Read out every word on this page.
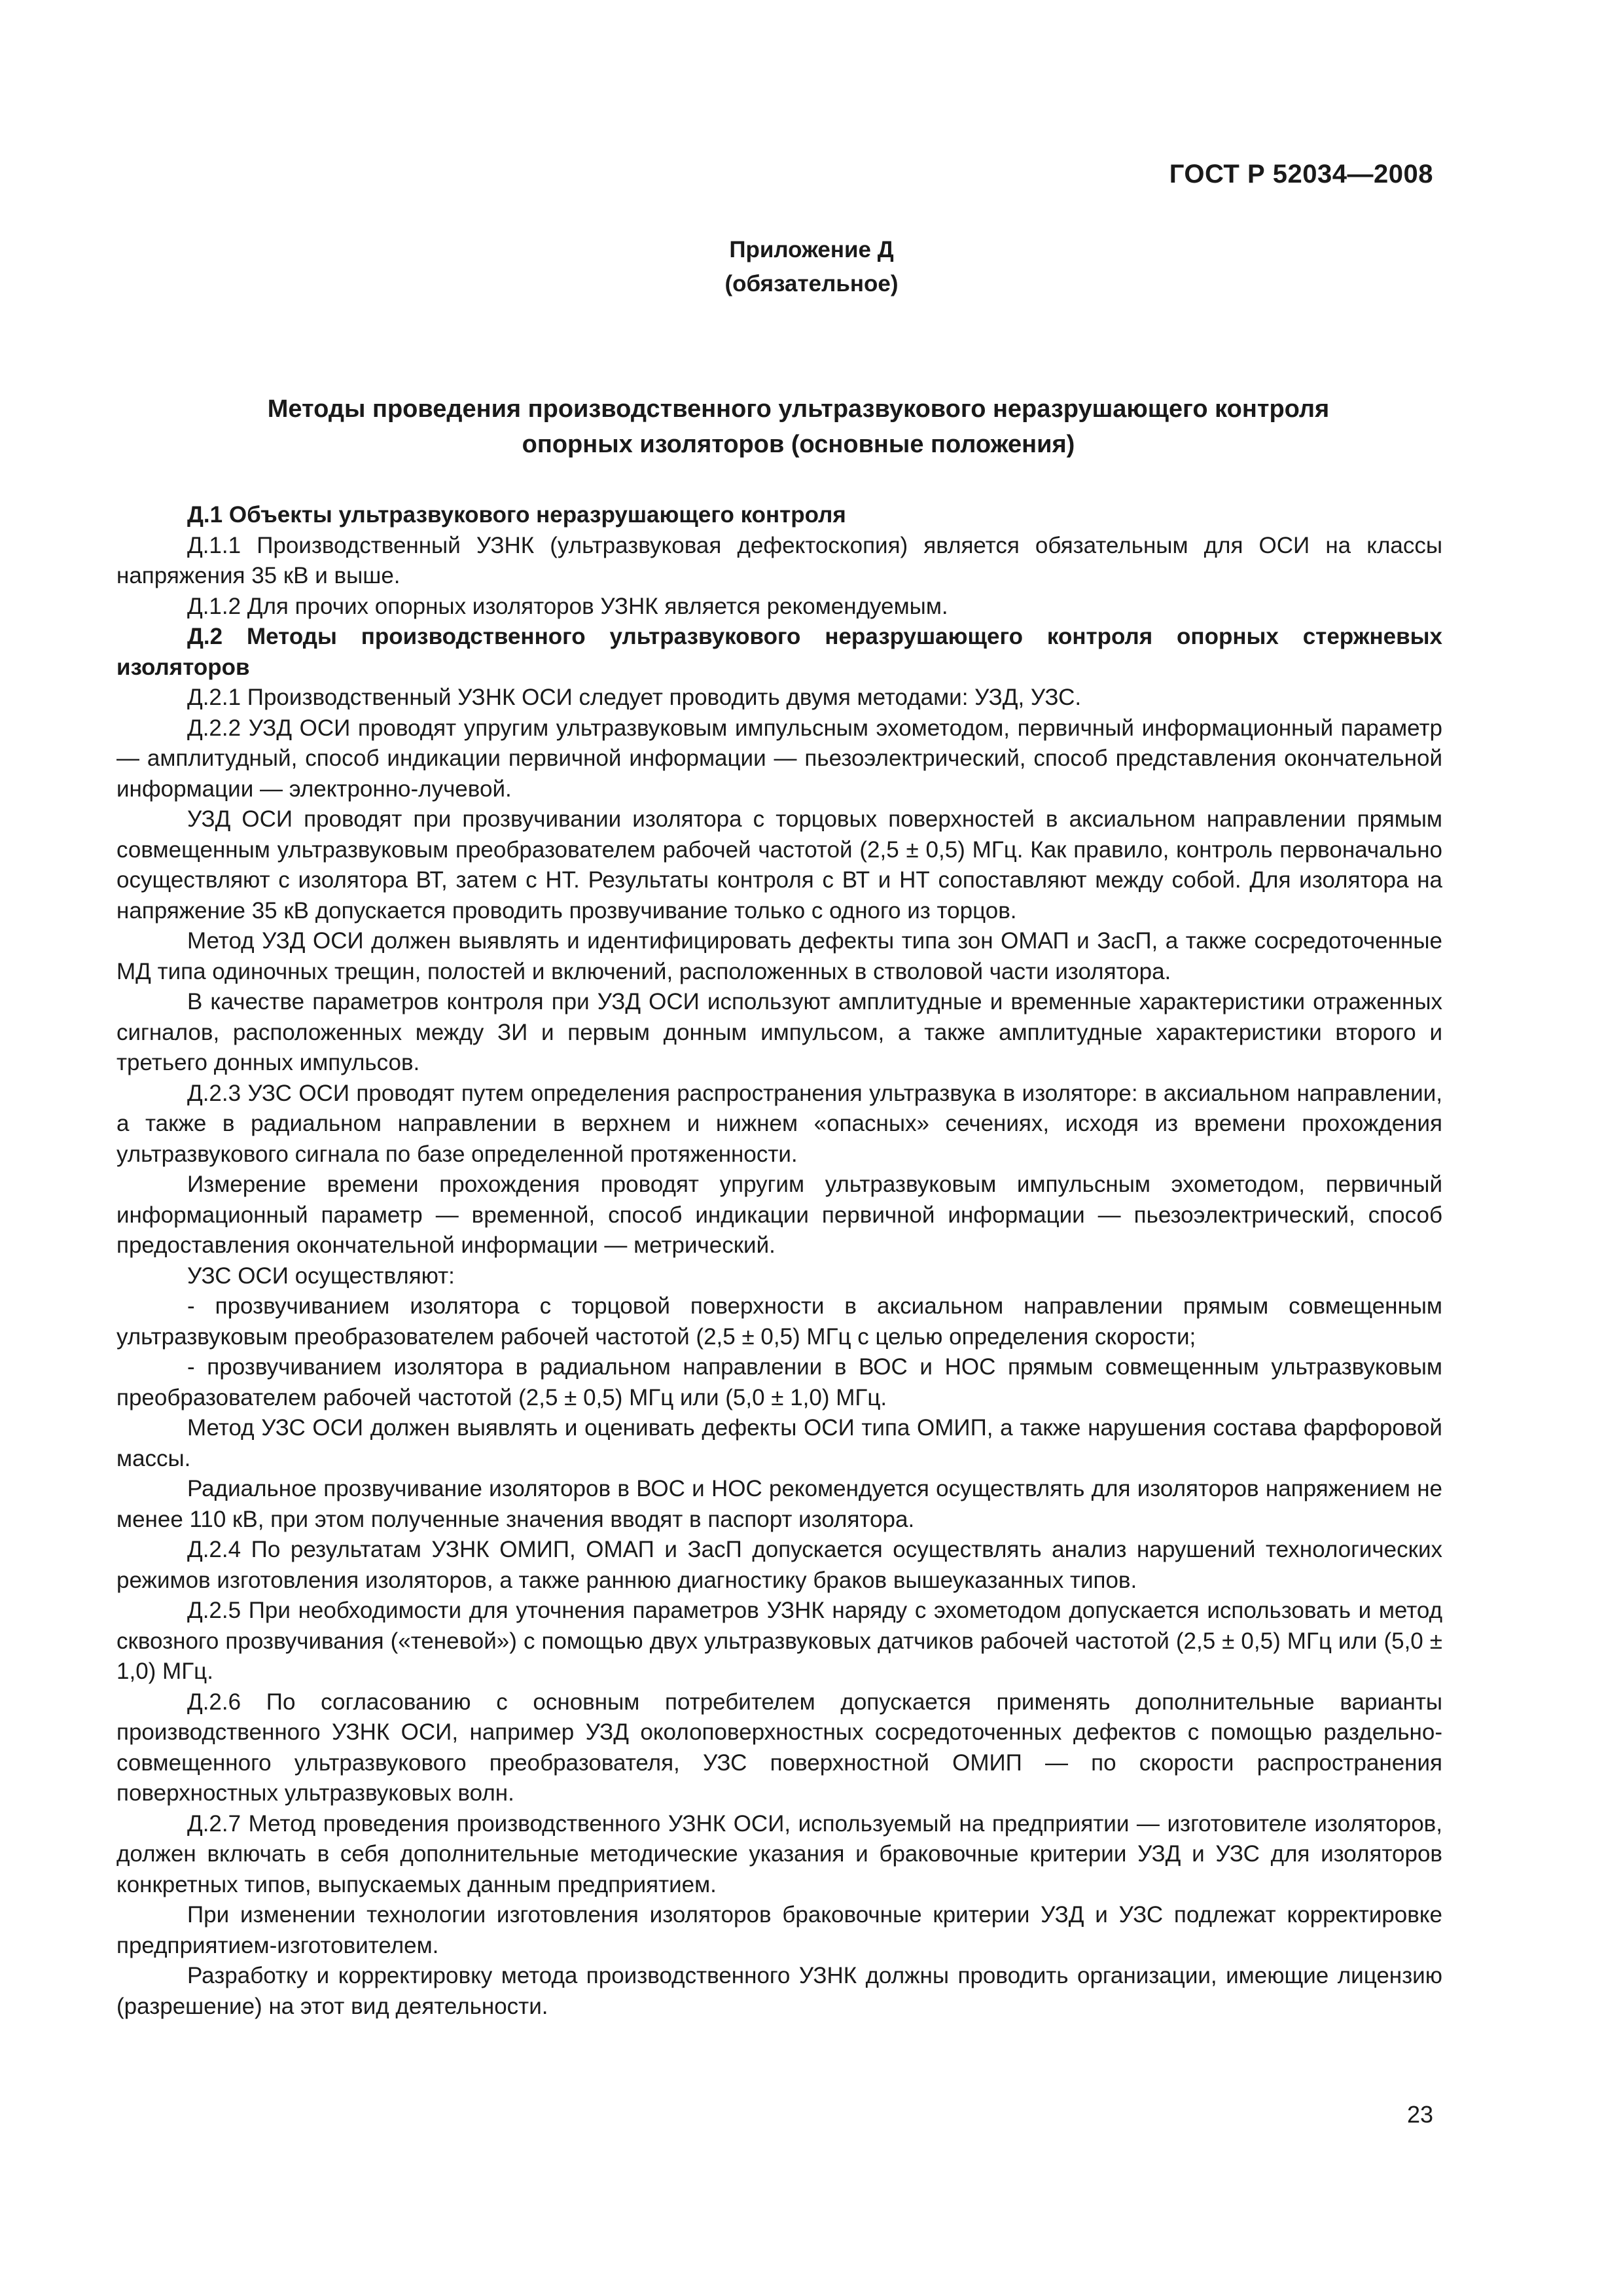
ГОСТ Р 52034—2008
Приложение Д
(обязательное)
Методы проведения производственного ультразвукового неразрушающего контроля
опорных изоляторов (основные положения)

Д.1 Объекты ультразвукового неразрушающего контроля

Д.1.1 Производственный УЗНК (ультразвуковая дефектоскопия) является обязательным для ОСИ на классы напряжения 35 кВ и выше.

Д.1.2 Для прочих опорных изоляторов УЗНК является рекомендуемым.

Д.2 Методы производственного ультразвукового неразрушающего контроля опорных стержневых изоляторов

Д.2.1 Производственный УЗНК ОСИ следует проводить двумя методами: УЗД, УЗС.

Д.2.2 УЗД ОСИ проводят упругим ультразвуковым импульсным эхометодом, первичный информационный параметр — амплитудный, способ индикации первичной информации — пьезоэлектрический, способ представления окончательной информации — электронно-лучевой.

УЗД ОСИ проводят при прозвучивании изолятора с торцовых поверхностей в аксиальном направлении прямым совмещенным ультразвуковым преобразователем рабочей частотой (2,5 ± 0,5) МГц. Как правило, контроль первоначально осуществляют с изолятора ВТ, затем с НТ. Результаты контроля с ВТ и НТ сопоставляют между собой. Для изолятора на напряжение 35 кВ допускается проводить прозвучивание только с одного из торцов.

Метод УЗД ОСИ должен выявлять и идентифицировать дефекты типа зон ОМАП и ЗасП, а также сосредоточенные МД типа одиночных трещин, полостей и включений, расположенных в стволовой части изолятора.

В качестве параметров контроля при УЗД ОСИ используют амплитудные и временные характеристики отраженных сигналов, расположенных между ЗИ и первым донным импульсом, а также амплитудные характеристики второго и третьего донных импульсов.

Д.2.3 УЗС ОСИ проводят путем определения распространения ультразвука в изоляторе: в аксиальном направлении, а также в радиальном направлении в верхнем и нижнем «опасных» сечениях, исходя из времени прохождения ультразвукового сигнала по базе определенной протяженности.

Измерение времени прохождения проводят упругим ультразвуковым импульсным эхометодом, первичный информационный параметр — временной, способ индикации первичной информации — пьезоэлектрический, способ предоставления окончательной информации — метрический.

УЗС ОСИ осуществляют:

- прозвучиванием изолятора с торцовой поверхности в аксиальном направлении прямым совмещенным ультразвуковым преобразователем рабочей частотой (2,5 ± 0,5) МГц с целью определения скорости;

- прозвучиванием изолятора в радиальном направлении в ВОС и НОС прямым совмещенным ультразвуковым преобразователем рабочей частотой (2,5 ± 0,5) МГц или (5,0 ± 1,0) МГц.

Метод УЗС ОСИ должен выявлять и оценивать дефекты ОСИ типа ОМИП, а также нарушения состава фарфоровой массы.

Радиальное прозвучивание изоляторов в ВОС и НОС рекомендуется осуществлять для изоляторов напряжением не менее 110 кВ, при этом полученные значения вводят в паспорт изолятора.

Д.2.4 По результатам УЗНК ОМИП, ОМАП и ЗасП допускается осуществлять анализ нарушений технологических режимов изготовления изоляторов, а также раннюю диагностику браков вышеуказанных типов.

Д.2.5 При необходимости для уточнения параметров УЗНК наряду с эхометодом допускается использовать и метод сквозного прозвучивания («теневой») с помощью двух ультразвуковых датчиков рабочей частотой (2,5 ± 0,5) МГц или (5,0 ± 1,0) МГц.

Д.2.6 По согласованию с основным потребителем допускается применять дополнительные варианты производственного УЗНК ОСИ, например УЗД околоповерхностных сосредоточенных дефектов с помощью раздельно-совмещенного ультразвукового преобразователя, УЗС поверхностной ОМИП — по скорости распространения поверхностных ультразвуковых волн.

Д.2.7 Метод проведения производственного УЗНК ОСИ, используемый на предприятии — изготовителе изоляторов, должен включать в себя дополнительные методические указания и браковочные критерии УЗД и УЗС для изоляторов конкретных типов, выпускаемых данным предприятием.

При изменении технологии изготовления изоляторов браковочные критерии УЗД и УЗС подлежат корректировке предприятием-изготовителем.

Разработку и корректировку метода производственного УЗНК должны проводить организации, имеющие лицензию (разрешение) на этот вид деятельности.

23
